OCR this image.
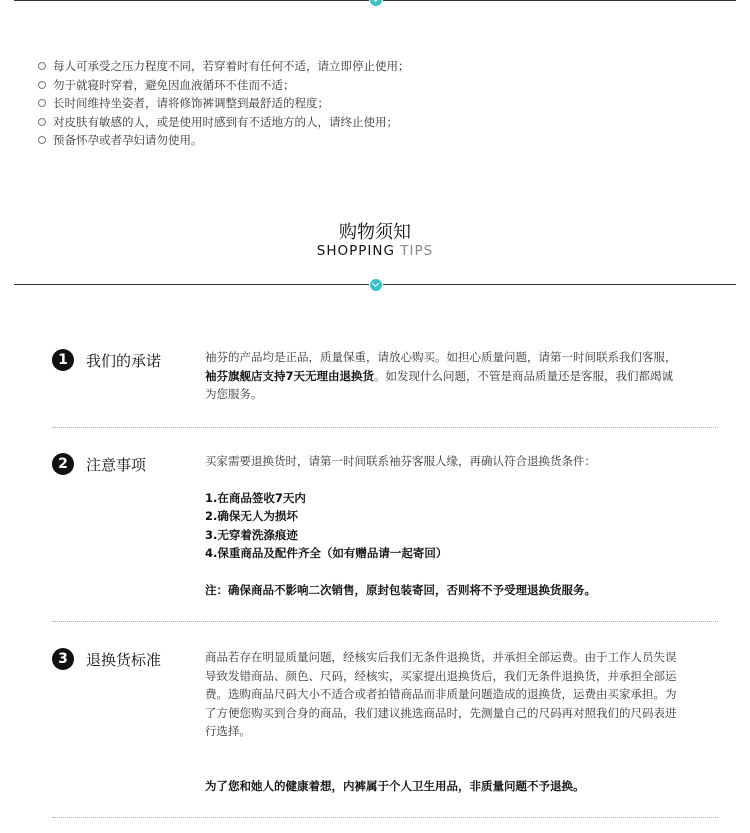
每人可承受之压力程度不同，若穿着时有任何不适，请立即停止使用；
勿于就寝时穿着，避免因血液循环不佳而不适；
长时间维持坐姿者，请将修饰裤调整到最舒适的程度；
对皮肤有敏感的人，或是使用时感到有不适地方的人，请终止使用；
预备怀孕或者孕妇请勿使用。
购物须知
SHOPPING TIPS
1	我们的承诺	袖芬的产品均是正品，质量保重，请放心购买。如担心质量问题，请第一时间联系我们客服，

袖芬旗舰店支持7天无理由退换货。如发现什么问题，不管是商品质量还是客服，我们都竭诚

为您服务。

2	注意事项	买家需要退换货时，请第一时间联系袖芬客服人缘，再确认符合退换货条件：

1.在商品签收7天内

2.确保无人为损坏

3.无穿着洗涤痕迹

4.保重商品及配件齐全（如有赠品请一起寄回）

注：确保商品不影响二次销售，原封包装寄回，否则将不予受理退换货服务。

3	退换货标准	商品若存在明显质量问题，经核实后我们无条件退换货，并承担全部运费。由于工作人员失误

导致发错商品、颜色、尺码，经核实，买家提出退换货后，我们无条件退换货，并承担全部运

费。选购商品尺码大小不适合或者拍错商品而非质量问题造成的退换货，运费由买家承担。为

了方便您购买到合身的商品，我们建议挑选商品时，先测量自己的尺码再对照我们的尺码表进

行选择。

为了您和她人的健康着想，内裤属于个人卫生用品，非质量问题不予退换。
